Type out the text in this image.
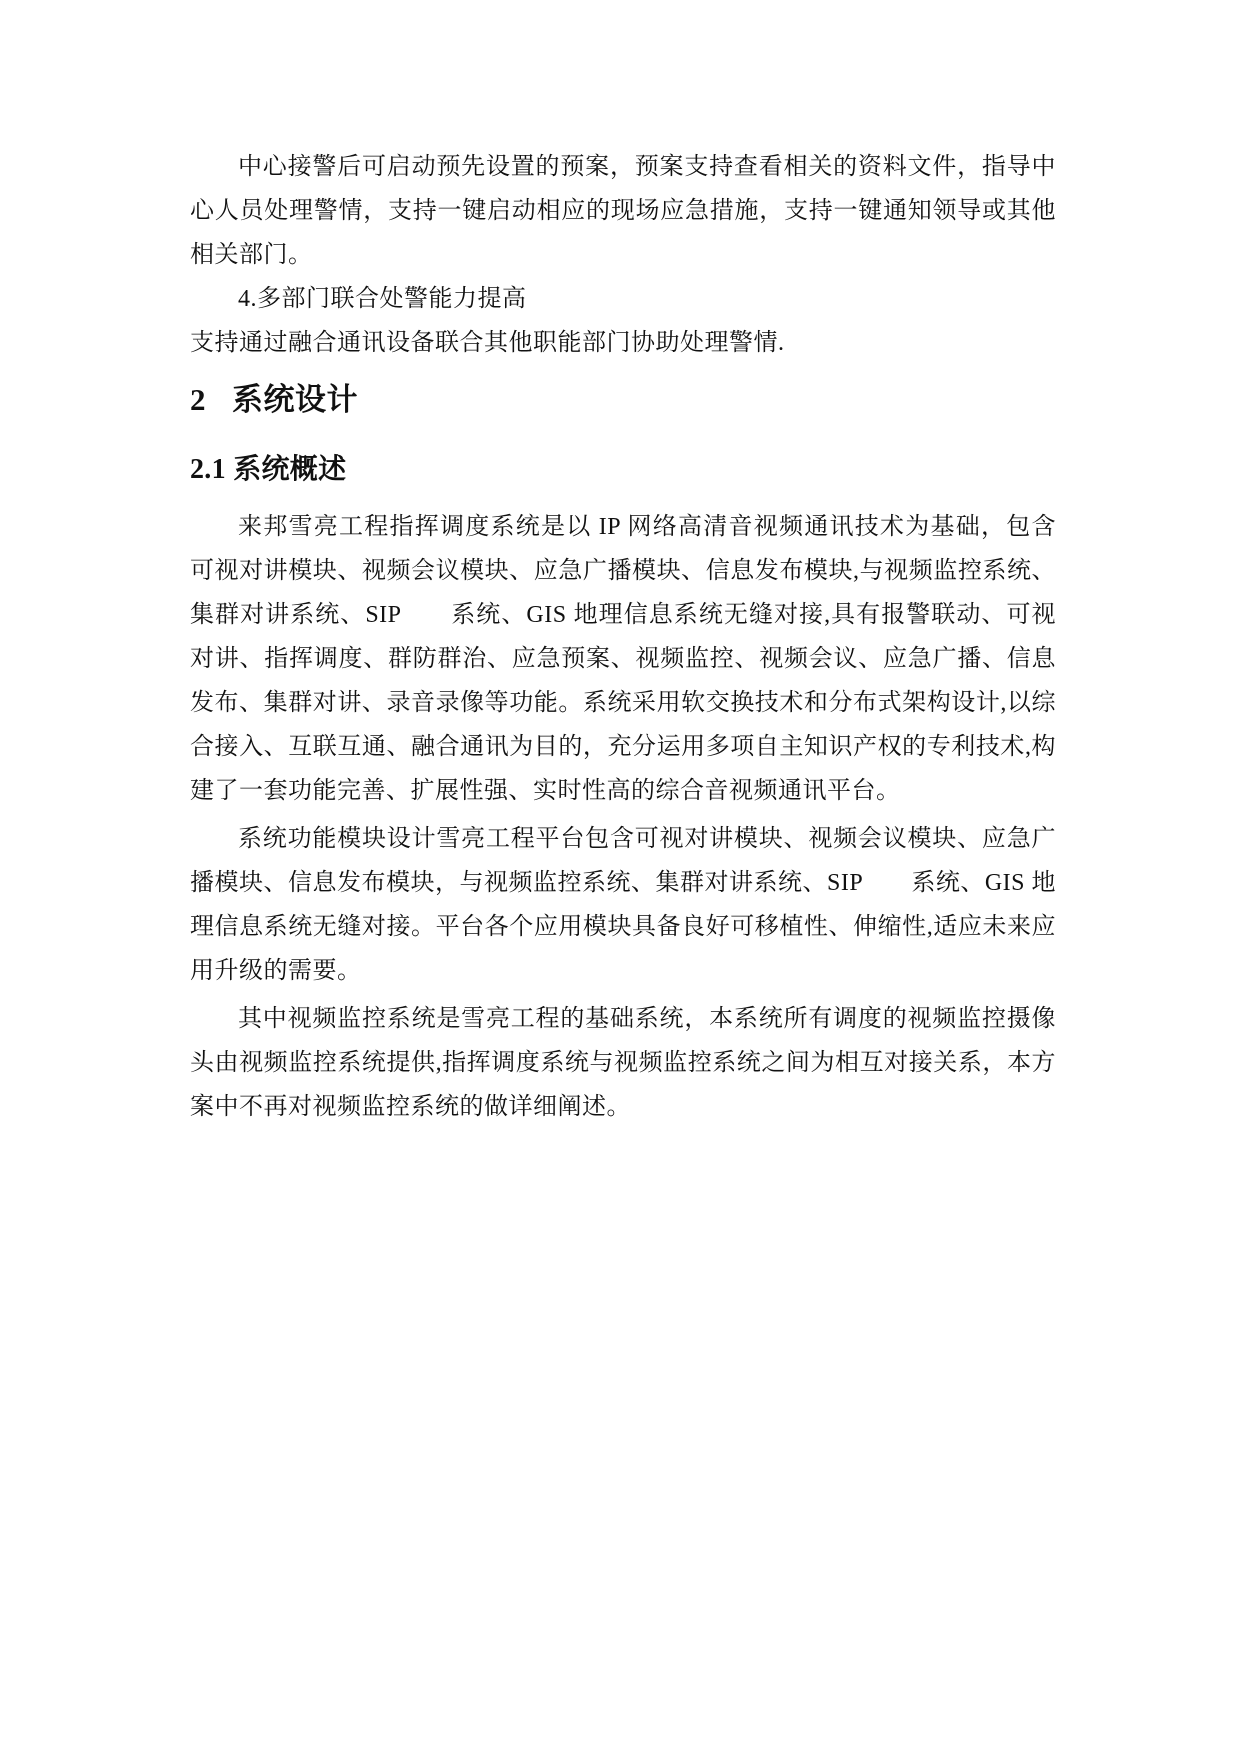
中心接警后可启动预先设置的预案，预案支持查看相关的资料文件，指导中心人员处理警情，支持一键启动相应的现场应急措施，支持一键通知领导或其他相关部门。

4.多部门联合处警能力提高

支持通过融合通讯设备联合其他职能部门协助处理警情.

2 系统设计
2.1 系统概述

来邦雪亮工程指挥调度系统是以 IP 网络高清音视频通讯技术为基础，包含可视对讲模块、视频会议模块、应急广播模块、信息发布模块,与视频监控系统、集群对讲系统、SIP　　系统、GIS 地理信息系统无缝对接,具有报警联动、可视对讲、指挥调度、群防群治、应急预案、视频监控、视频会议、应急广播、信息发布、集群对讲、录音录像等功能。系统采用软交换技术和分布式架构设计,以综合接入、互联互通、融合通讯为目的，充分运用多项自主知识产权的专利技术,构建了一套功能完善、扩展性强、实时性高的综合音视频通讯平台。

系统功能模块设计雪亮工程平台包含可视对讲模块、视频会议模块、应急广播模块、信息发布模块，与视频监控系统、集群对讲系统、SIP　　系统、GIS 地理信息系统无缝对接。平台各个应用模块具备良好可移植性、伸缩性,适应未来应用升级的需要。

其中视频监控系统是雪亮工程的基础系统，本系统所有调度的视频监控摄像头由视频监控系统提供,指挥调度系统与视频监控系统之间为相互对接关系，本方案中不再对视频监控系统的做详细阐述。
